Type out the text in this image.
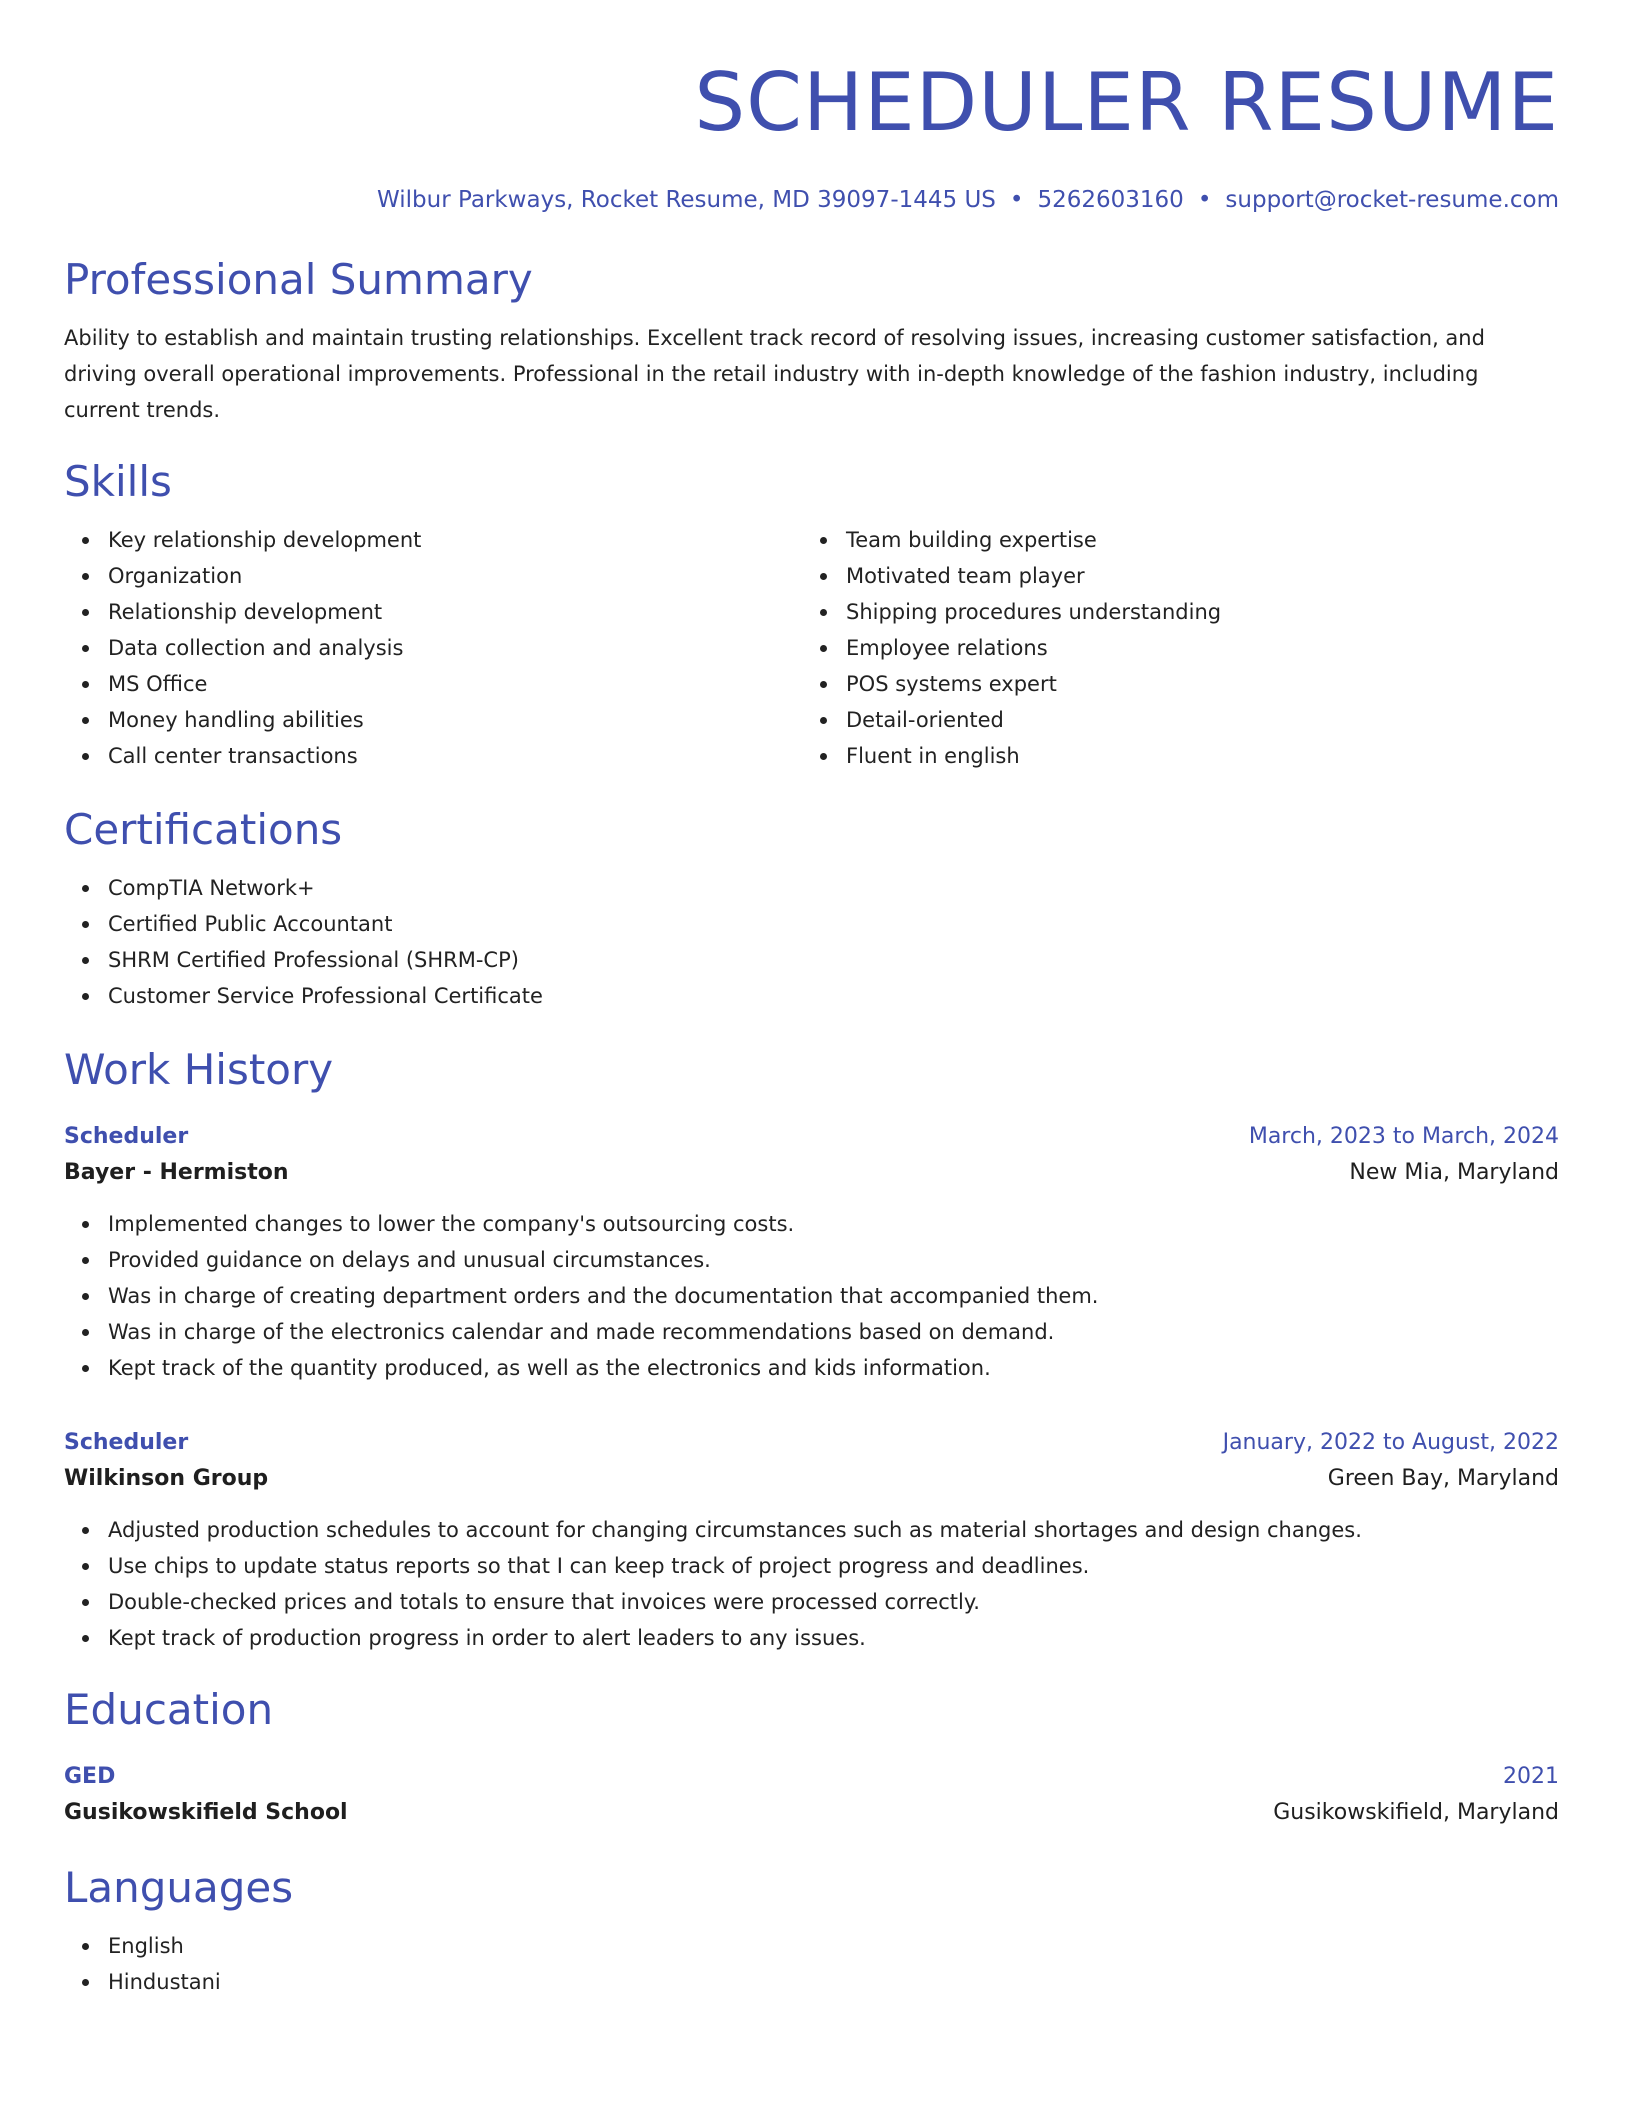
SCHEDULER RESUME
Wilbur Parkways, Rocket Resume, MD 39097-1445 US • 5262603160 • support@rocket-resume.com
Professional Summary
Ability to establish and maintain trusting relationships. Excellent track record of resolving issues, increasing customer satisfaction, and driving overall operational improvements. Professional in the retail industry with in-depth knowledge of the fashion industry, including current trends.
Skills
Key relationship development
Organization
Relationship development
Data collection and analysis
MS Office
Money handling abilities
Call center transactions
Team building expertise
Motivated team player
Shipping procedures understanding
Employee relations
POS systems expert
Detail-oriented
Fluent in english
Certifications
CompTIA Network+
Certified Public Accountant
SHRM Certified Professional (SHRM-CP)
Customer Service Professional Certificate
Work History
Scheduler	March, 2023 to March, 2024
Bayer - Hermiston	New Mia, Maryland
Implemented changes to lower the company's outsourcing costs.
Provided guidance on delays and unusual circumstances.
Was in charge of creating department orders and the documentation that accompanied them.
Was in charge of the electronics calendar and made recommendations based on demand.
Kept track of the quantity produced, as well as the electronics and kids information.
Scheduler	January, 2022 to August, 2022
Wilkinson Group	Green Bay, Maryland
Adjusted production schedules to account for changing circumstances such as material shortages and design changes.
Use chips to update status reports so that I can keep track of project progress and deadlines.
Double-checked prices and totals to ensure that invoices were processed correctly.
Kept track of production progress in order to alert leaders to any issues.
Education
GED	2021
Gusikowskifield School	Gusikowskifield, Maryland
Languages
English
Hindustani
